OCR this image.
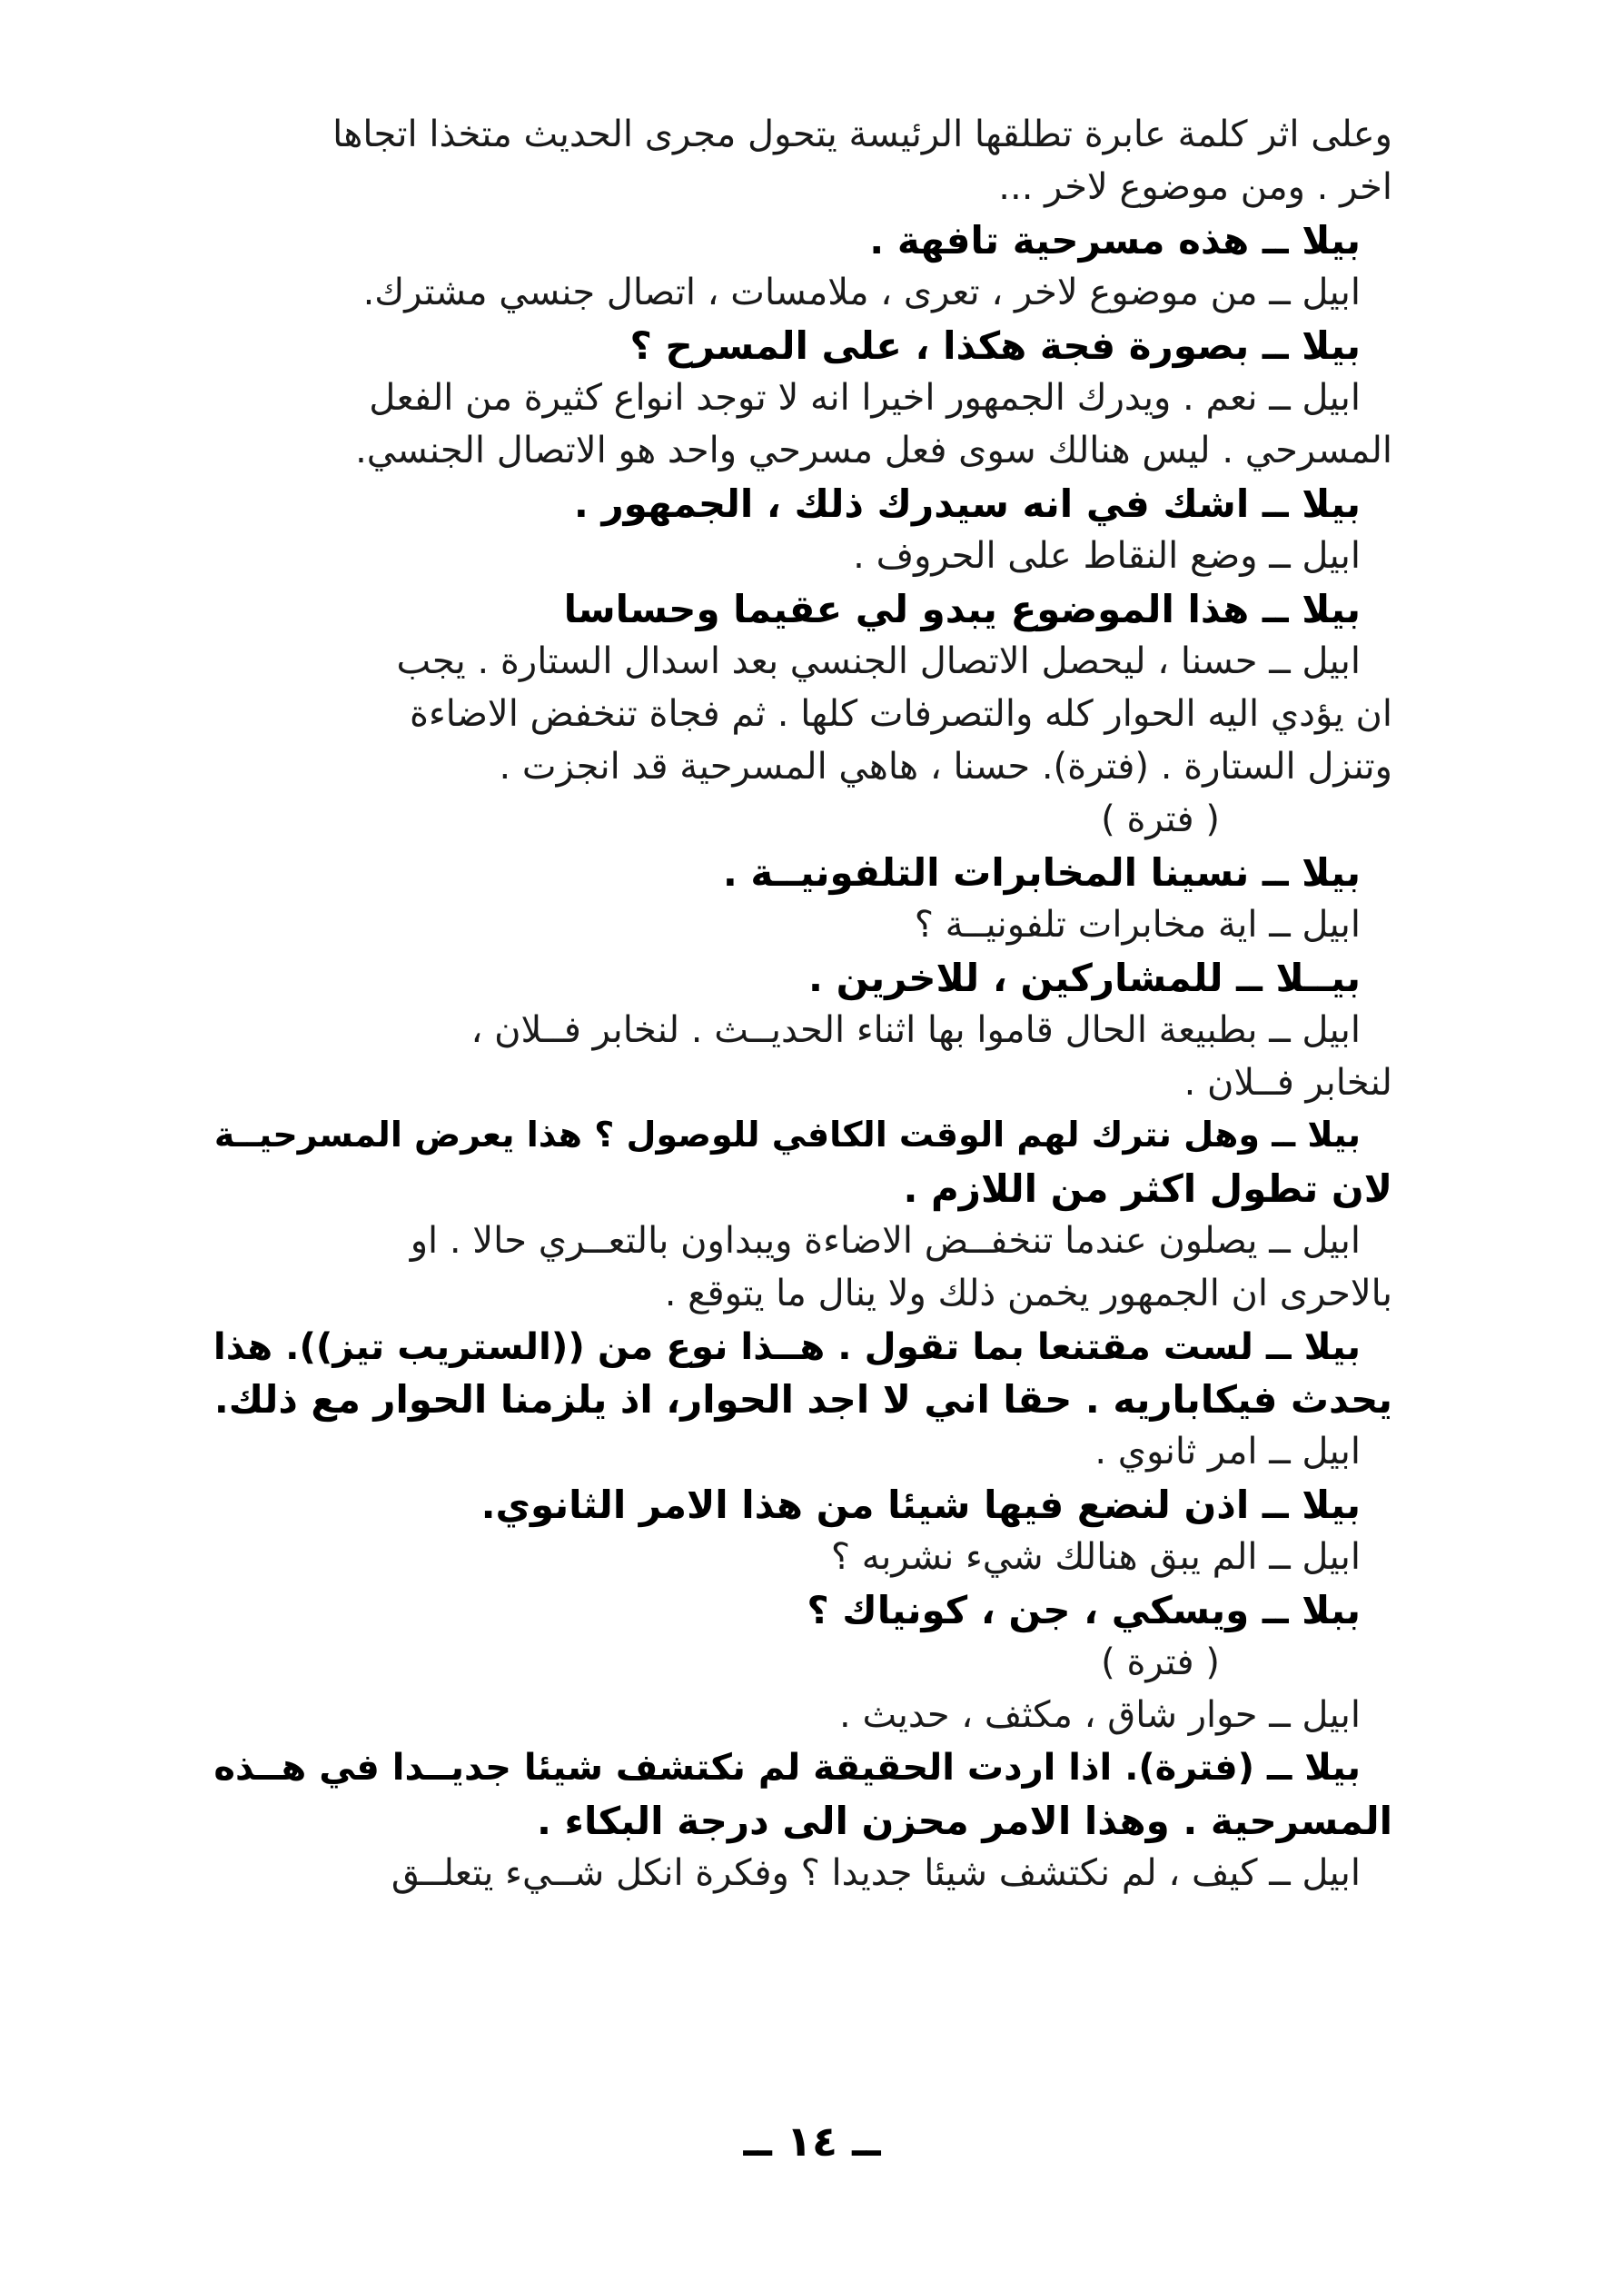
وعلى اثر كلمة عابرة تطلقها الرئيسة يتحول مجرى الحديث متخذا اتجاها
اخر . ومن موضوع لاخر ...
بيلا ــ هذه مسرحية تافهة .
ابيل ــ من موضوع لاخر ، تعرى ، ملامسات ، اتصال جنسي مشترك.
بيلا ــ بصورة فجة هكذا ، على المسرح ؟
ابيل ــ نعم . ويدرك الجمهور اخيرا انه لا توجد انواع كثيرة من الفعل
المسرحي . ليس هنالك سوى فعل مسرحي واحد هو الاتصال الجنسي.
بيلا ــ اشك في انه سيدرك ذلك ، الجمهور .
ابيل ــ وضع النقاط على الحروف .
بيلا ــ هذا الموضوع يبدو لي عقيما وحساسا
ابيل ــ حسنا ، ليحصل الاتصال الجنسي بعد اسدال الستارة . يجب
ان يؤدي اليه الحوار كله والتصرفات كلها . ثم فجاة تنخفض الاضاءة
وتنزل الستارة . (فترة). حسنا ، هاهي المسرحية قد انجزت .
( فترة )
بيلا ــ نسينا المخابرات التلفونيــة .
ابيل ــ اية مخابرات تلفونيــة ؟
بيــلا ــ للمشاركين ، للاخرين .
ابيل ــ بطبيعة الحال قاموا بها اثناء الحديــث . لنخابر فــلان ،
لنخابر فــلان .
بيلا ــ وهل نترك لهم الوقت الكافي للوصول ؟ هذا يعرض المسرحيــة
لان تطول اكثر من اللازم .
ابيل ــ يصلون عندما تنخفــض الاضاءة ويبداون بالتعــري حالا . او
بالاحرى ان الجمهور يخمن ذلك ولا ينال ما يتوقع .
بيلا ــ لست مقتنعا بما تقول . هــذا نوع من ((الستريب تيز)). هذا
يحدث فيكاباريه . حقا اني لا اجد الحوار، اذ يلزمنا الحوار مع ذلك.
ابيل ــ امر ثانوي .
بيلا ــ اذن لنضع فيها شيئا من هذا الامر الثانوي.
ابيل ــ الم يبق هنالك شيء نشربه ؟
ببلا ــ ويسكي ، جن ، كونياك ؟
( فترة )
ابيل ــ حوار شاق ، مكثف ، حديث .
بيلا ــ (فترة). اذا اردت الحقيقة لم نكتشف شيئا جديــدا في هــذه
المسرحية . وهذا الامر محزن الى درجة البكاء .
ابيل ــ كيف ، لم نكتشف شيئا جديدا ؟ وفكرة انكل شــيء يتعلــق
ــ ١٤ ــ
